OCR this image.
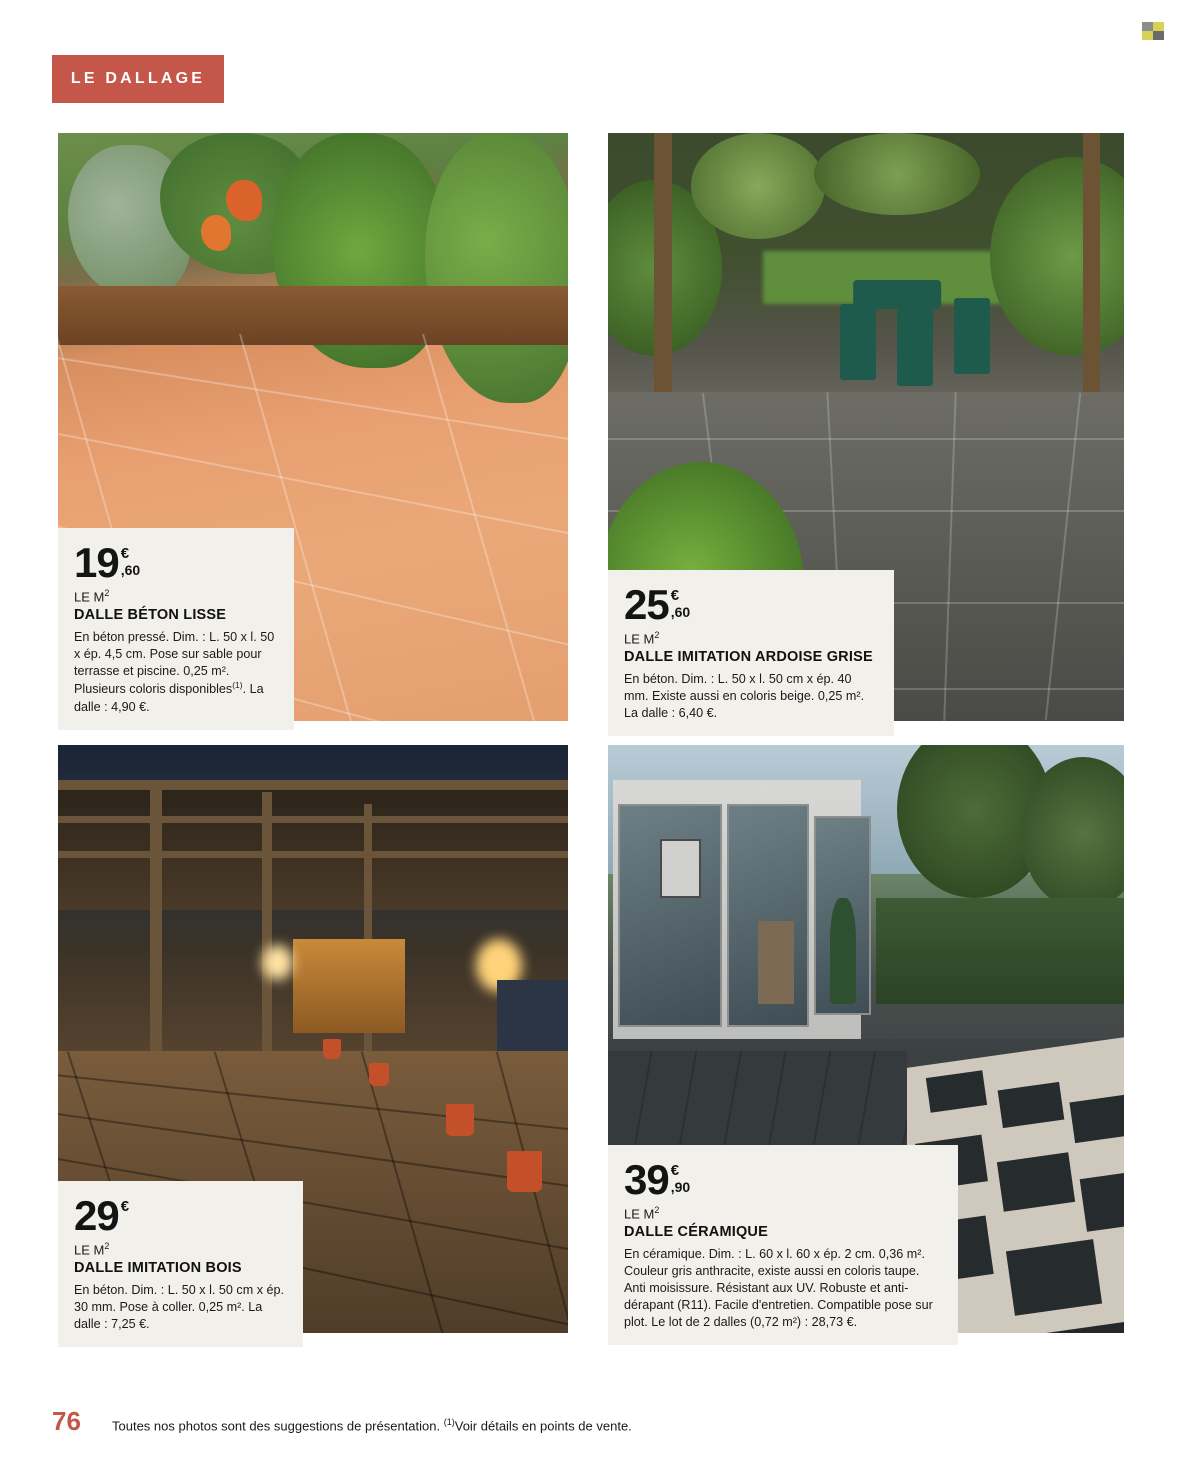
LE DALLAGE
19 €
,60
LE $M^2$
DALLE BÉTON LISSE
En béton pressé. Dim. : L. 50 x l. 50 x ép. 4,5 cm. Pose sur sable pour terrasse et piscine. 0,25 m². Plusieurs coloris disponibles$^{(1)}$. La dalle : 4,90 €.
25 €
,60
LE $M^2$
DALLE IMITATION ARDOISE GRISE
En béton. Dim. : L. 50 x l. 50 cm x ép. 40 mm. Existe aussi en coloris beige. 0,25 m². La dalle : 6,40 €.
29 €
LE $M^2$
DALLE IMITATION BOIS
En béton. Dim. : L. 50 x l. 50 cm x ép. 30 mm. Pose à coller. 0,25 m². La dalle : 7,25 €.
39 €
,90
LE $M^2$
DALLE CÉRAMIQUE
En céramique. Dim. : L. 60 x l. 60 x ép. 2 cm. 0,36 m². Couleur gris anthracite, existe aussi en coloris taupe. Anti moisissure. Résistant aux UV. Robuste et anti-dérapant (R11). Facile d'entretien. Compatible pose sur plot. Le lot de 2 dalles (0,72 m²) : 28,73 €.
76	Toutes nos photos sont des suggestions de présentation. $^{(1)}$Voir détails en points de vente.
